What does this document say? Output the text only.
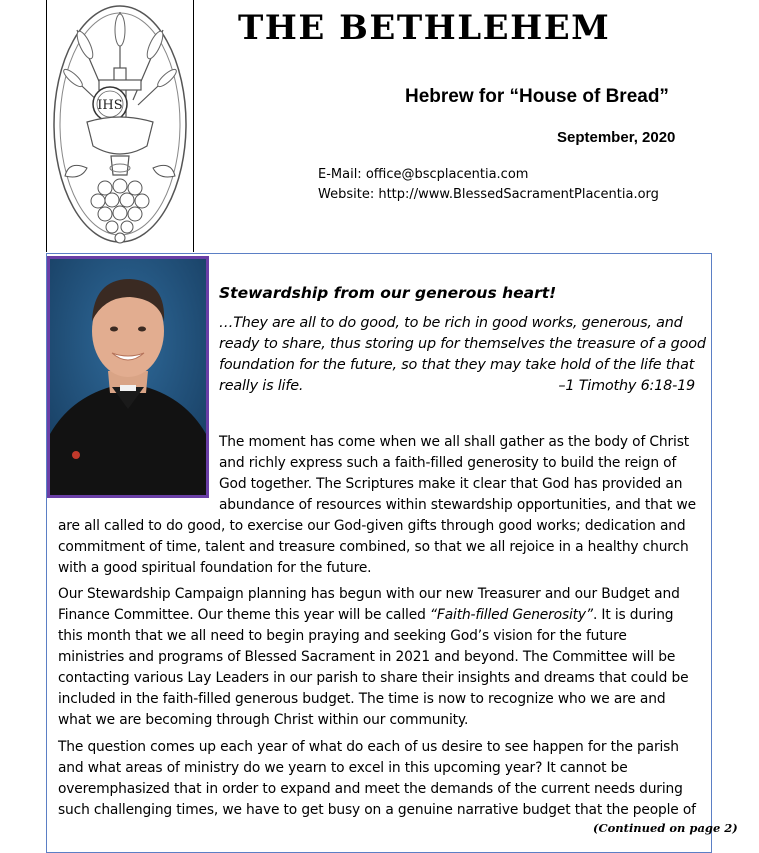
IHS
THE BETHLEHEM

Hebrew for “House of Bread”

September, 2020

E-Mail: office@bscplacentia.com
Website: http://www.BlessedSacramentPlacentia.org
Stewardship from our generous heart!
…They are all to do good, to be rich in good works, generous, and
ready to share, thus storing up for themselves the treasure of a good
foundation for the future, so that they may take hold of the life that
really is life.	–1 Timothy 6:18-19
The moment has come when we all shall gather as the body of Christ
and richly express such a faith-filled generosity to build the reign of
God together. The Scriptures make it clear that God has provided an
abundance of resources within stewardship opportunities, and that we
are all called to do good, to exercise our God-given gifts through good works; dedication and
commitment of time, talent and treasure combined, so that we all rejoice in a healthy church
with a good spiritual foundation for the future.
Our Stewardship Campaign planning has begun with our new Treasurer and our Budget and
Finance Committee. Our theme this year will be called “Faith-filled Generosity”. It is during
this month that we all need to begin praying and seeking God’s vision for the future
ministries and programs of Blessed Sacrament in 2021 and beyond. The Committee will be
contacting various Lay Leaders in our parish to share their insights and dreams that could be
included in the faith-filled generous budget. The time is now to recognize who we are and
what we are becoming through Christ within our community.
The question comes up each year of what do each of us desire to see happen for the parish
and what areas of ministry do we yearn to excel in this upcoming year? It cannot be
overemphasized that in order to expand and meet the demands of the current needs during
such challenging times, we have to get busy on a genuine narrative budget that the people of
(Continued on page 2)
